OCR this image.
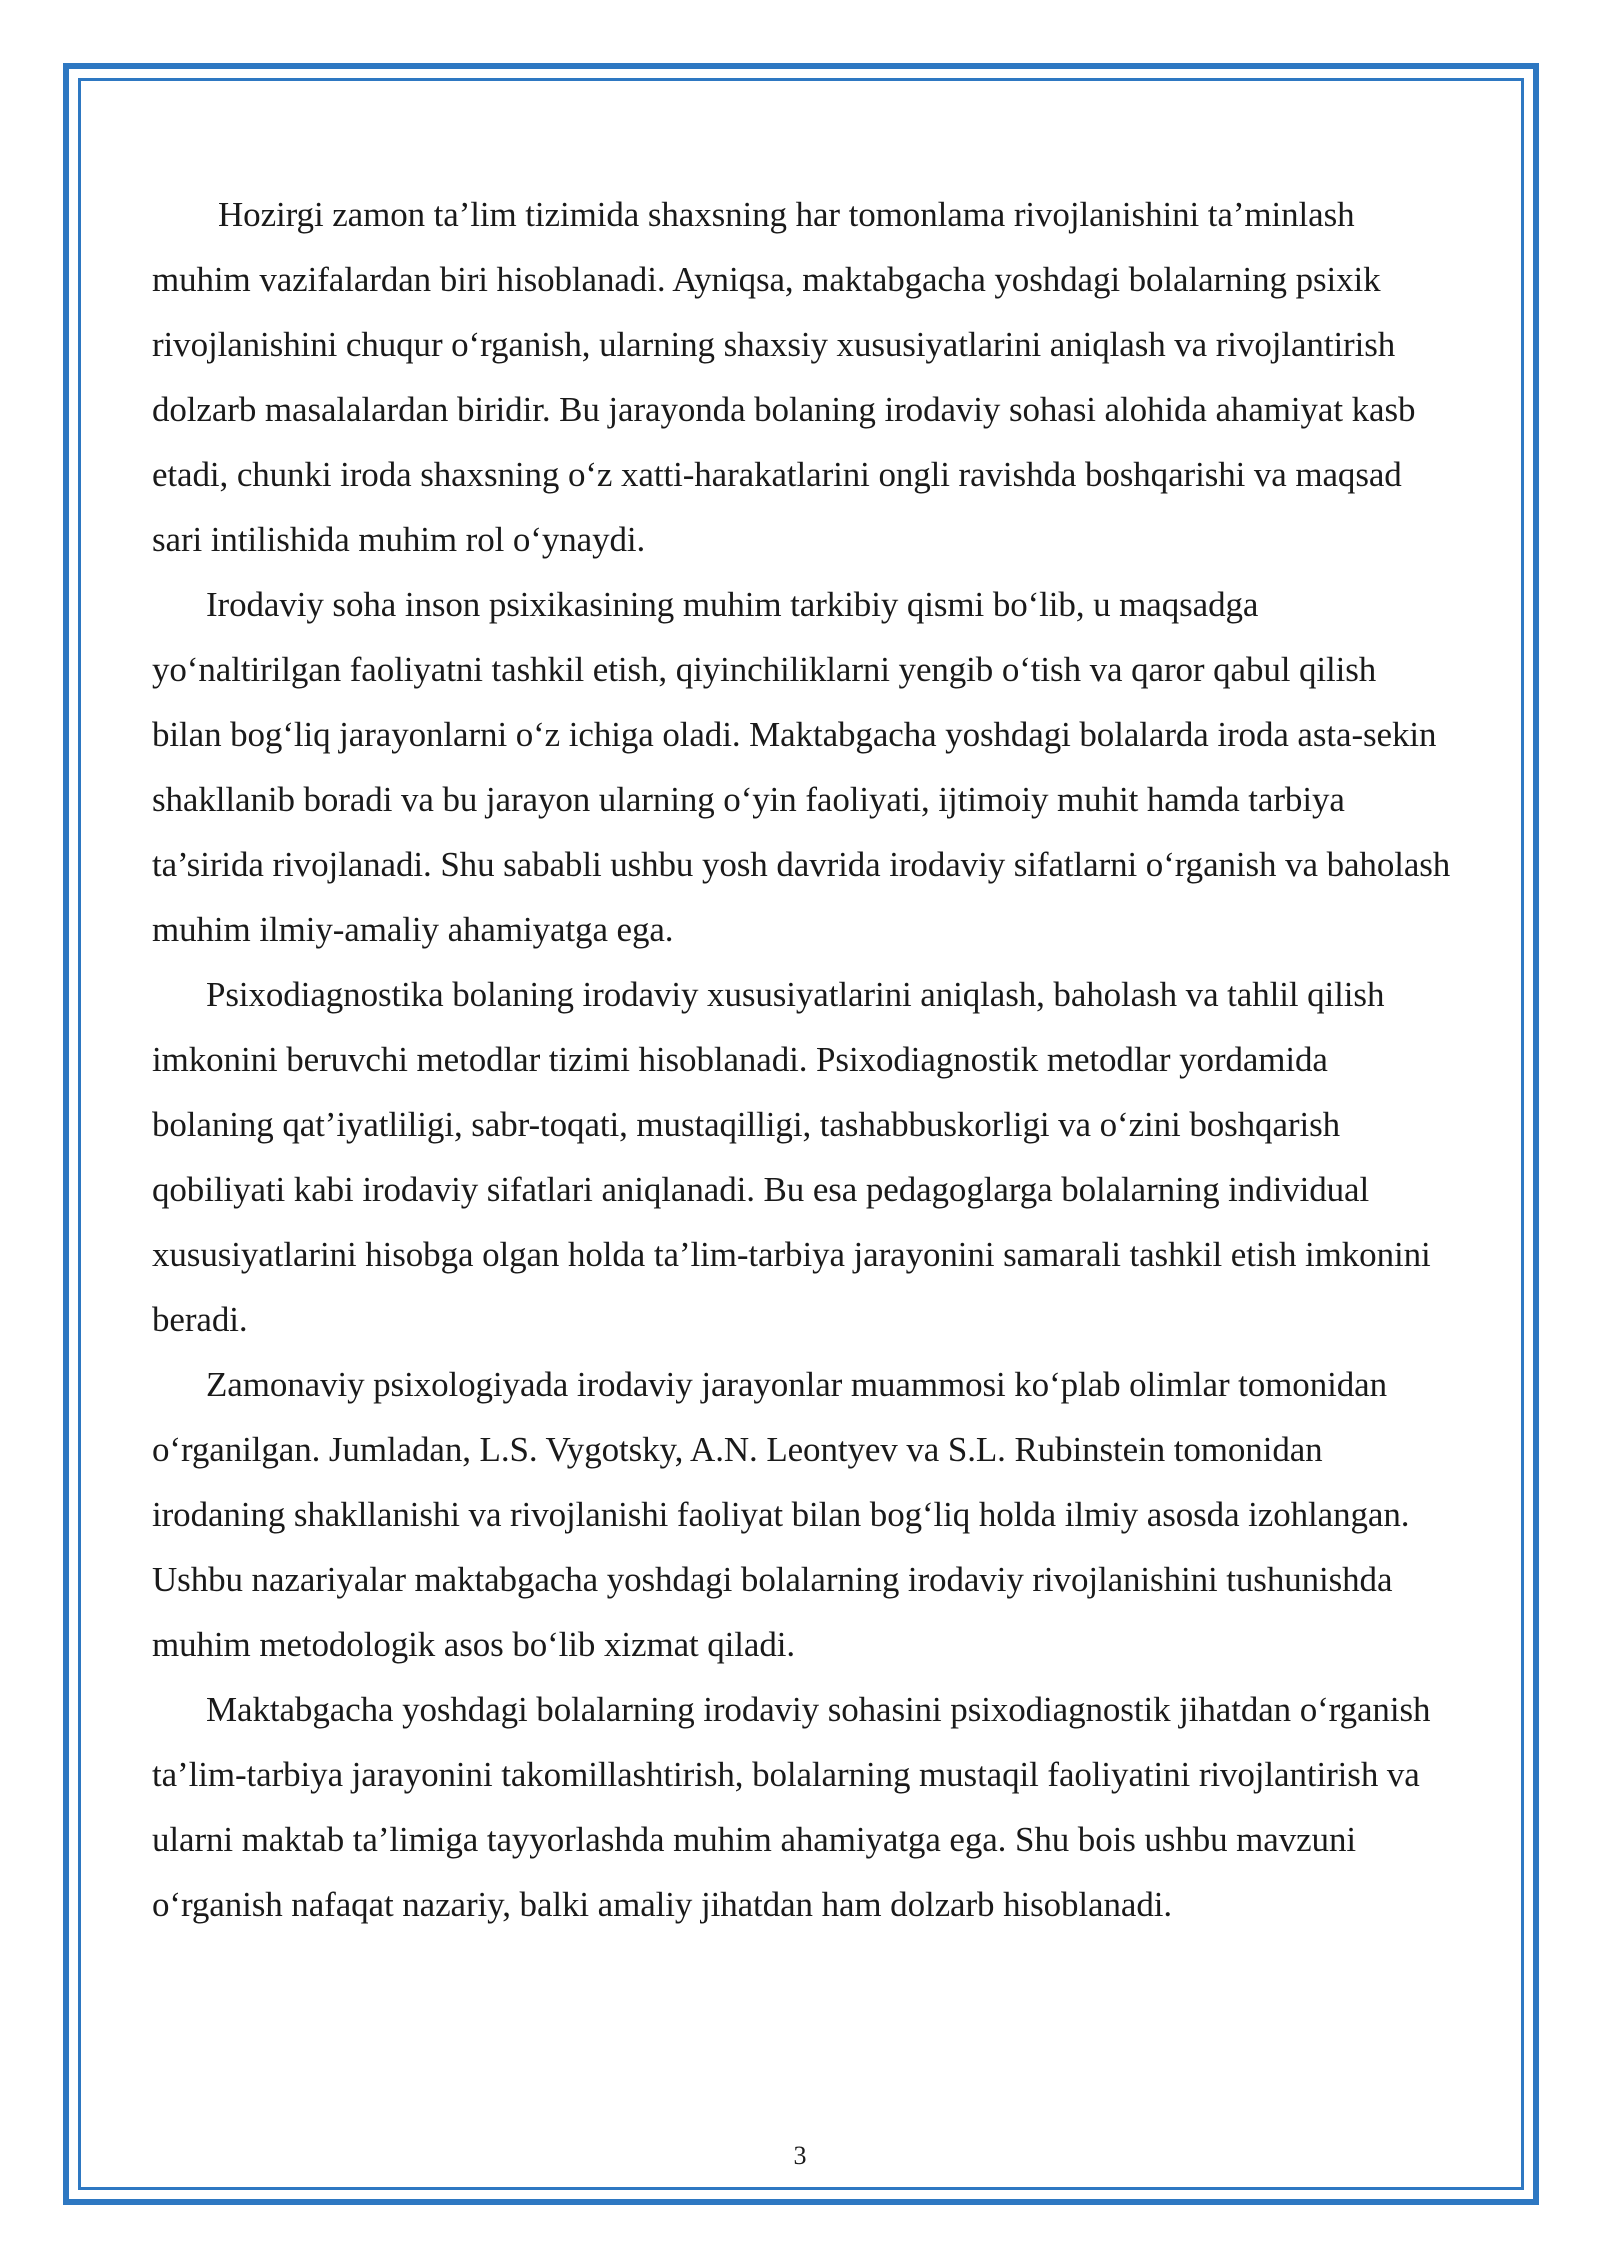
Hozirgi zamon ta’lim tizimida shaxsning har tomonlama rivojlanishini ta’minlash muhim vazifalardan biri hisoblanadi. Ayniqsa, maktabgacha yoshdagi bolalarning psixik rivojlanishini chuqur o‘rganish, ularning shaxsiy xususiyatlarini aniqlash va rivojlantirish dolzarb masalalardan biridir. Bu jarayonda bolaning irodaviy sohasi alohida ahamiyat kasb etadi, chunki iroda shaxsning o‘z xatti-harakatlarini ongli ravishda boshqarishi va maqsad sari intilishida muhim rol o‘ynaydi.

Irodaviy soha inson psixikasining muhim tarkibiy qismi bo‘lib, u maqsadga yo‘naltirilgan faoliyatni tashkil etish, qiyinchiliklarni yengib o‘tish va qaror qabul qilish bilan bog‘liq jarayonlarni o‘z ichiga oladi. Maktabgacha yoshdagi bolalarda iroda asta-sekin shakllanib boradi va bu jarayon ularning o‘yin faoliyati, ijtimoiy muhit hamda tarbiya ta’sirida rivojlanadi. Shu sababli ushbu yosh davrida irodaviy sifatlarni o‘rganish va baholash muhim ilmiy-amaliy ahamiyatga ega.

Psixodiagnostika bolaning irodaviy xususiyatlarini aniqlash, baholash va tahlil qilish imkonini beruvchi metodlar tizimi hisoblanadi. Psixodiagnostik metodlar yordamida bolaning qat’iyatliligi, sabr-toqati, mustaqilligi, tashabbuskorligi va o‘zini boshqarish qobiliyati kabi irodaviy sifatlari aniqlanadi. Bu esa pedagoglarga bolalarning individual xususiyatlarini hisobga olgan holda ta’lim-tarbiya jarayonini samarali tashkil etish imkonini beradi.

Zamonaviy psixologiyada irodaviy jarayonlar muammosi ko‘plab olimlar tomonidan o‘rganilgan. Jumladan, L.S. Vygotsky, A.N. Leontyev va S.L. Rubinstein tomonidan irodaning shakllanishi va rivojlanishi faoliyat bilan bog‘liq holda ilmiy asosda izohlangan. Ushbu nazariyalar maktabgacha yoshdagi bolalarning irodaviy rivojlanishini tushunishda muhim metodologik asos bo‘lib xizmat qiladi.

Maktabgacha yoshdagi bolalarning irodaviy sohasini psixodiagnostik jihatdan o‘rganish ta’lim-tarbiya jarayonini takomillashtirish, bolalarning mustaqil faoliyatini rivojlantirish va ularni maktab ta’limiga tayyorlashda muhim ahamiyatga ega. Shu bois ushbu mavzuni o‘rganish nafaqat nazariy, balki amaliy jihatdan ham dolzarb hisoblanadi.

3
